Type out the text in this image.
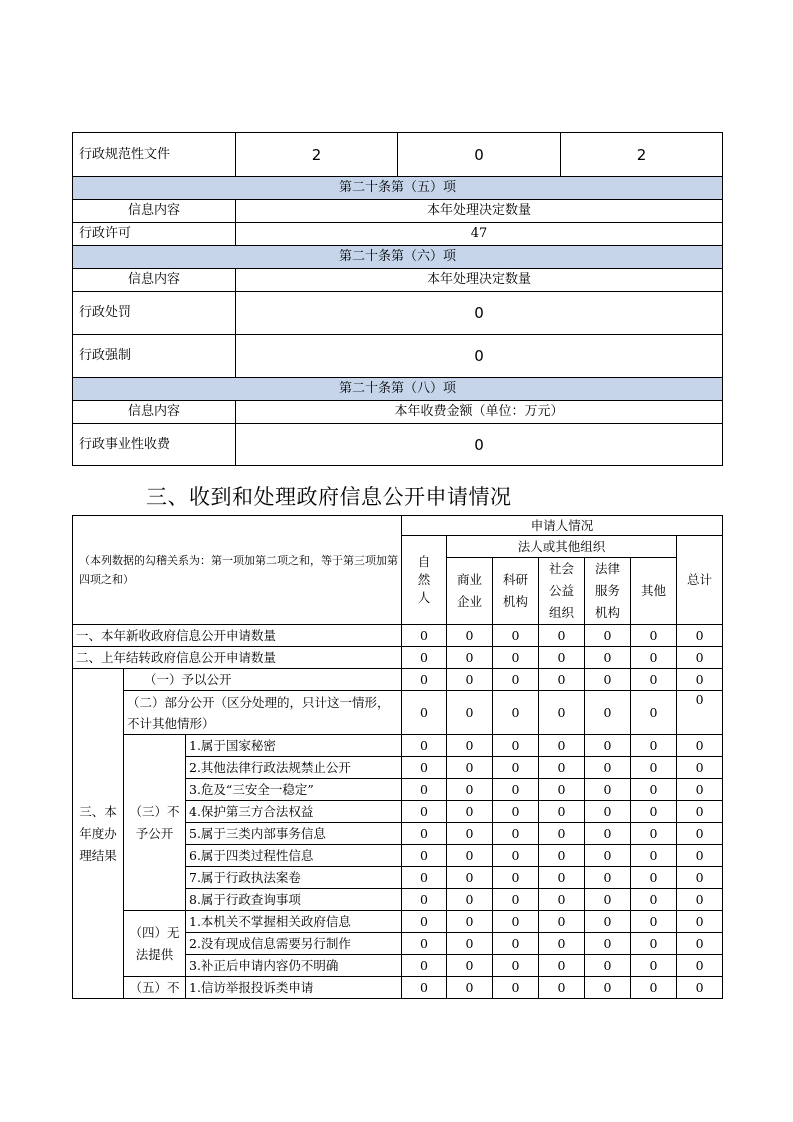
行政规范性文件	2	0	2
第二十条第（五）项			
信息内容	本年处理决定数量		
行政许可	47		
第二十条第（六）项			
信息内容	本年处理决定数量		
行政处罚	0		
行政强制	0		
第二十条第（八）项			
信息内容	本年收费金额（单位：万元）		
行政事业性收费	0		
三、收到和处理政府信息公开申请情况
（本列数据的勾稽关系为：第一项加第二项之和，等于第三项加第四项之和）			申请人情况						
			自然人	法人或其他组织					总计
				商业企业	科研机构	社会公益组织	法律服务机构	其他	

一、本年新收政府信息公开申请数量			0	0	0	0	0	0	0
二、上年结转政府信息公开申请数量			0	0	0	0	0	0	0
三、本年度办理结果	（一）予以公开		0	0	0	0	0	0	0
	（二）部分公开（区分处理的，只计这一情形，不计其他情形）		0	0	0	0	0	0	0
	（三）不予公开	1.属于国家秘密	0	0	0	0	0	0	0
		2.其他法律行政法规禁止公开	0	0	0	0	0	0	0
		3.危及“三安全一稳定”	0	0	0	0	0	0	0
		4.保护第三方合法权益	0	0	0	0	0	0	0
		5.属于三类内部事务信息	0	0	0	0	0	0	0
		6.属于四类过程性信息	0	0	0	0	0	0	0
		7.属于行政执法案卷	0	0	0	0	0	0	0
		8.属于行政查询事项	0	0	0	0	0	0	0
	（四）无法提供	1.本机关不掌握相关政府信息	0	0	0	0	0	0	0
		2.没有现成信息需要另行制作	0	0	0	0	0	0	0
		3.补正后申请内容仍不明确	0	0	0	0	0	0	0
	（五）不	1.信访举报投诉类申请	0	0	0	0	0	0	0
